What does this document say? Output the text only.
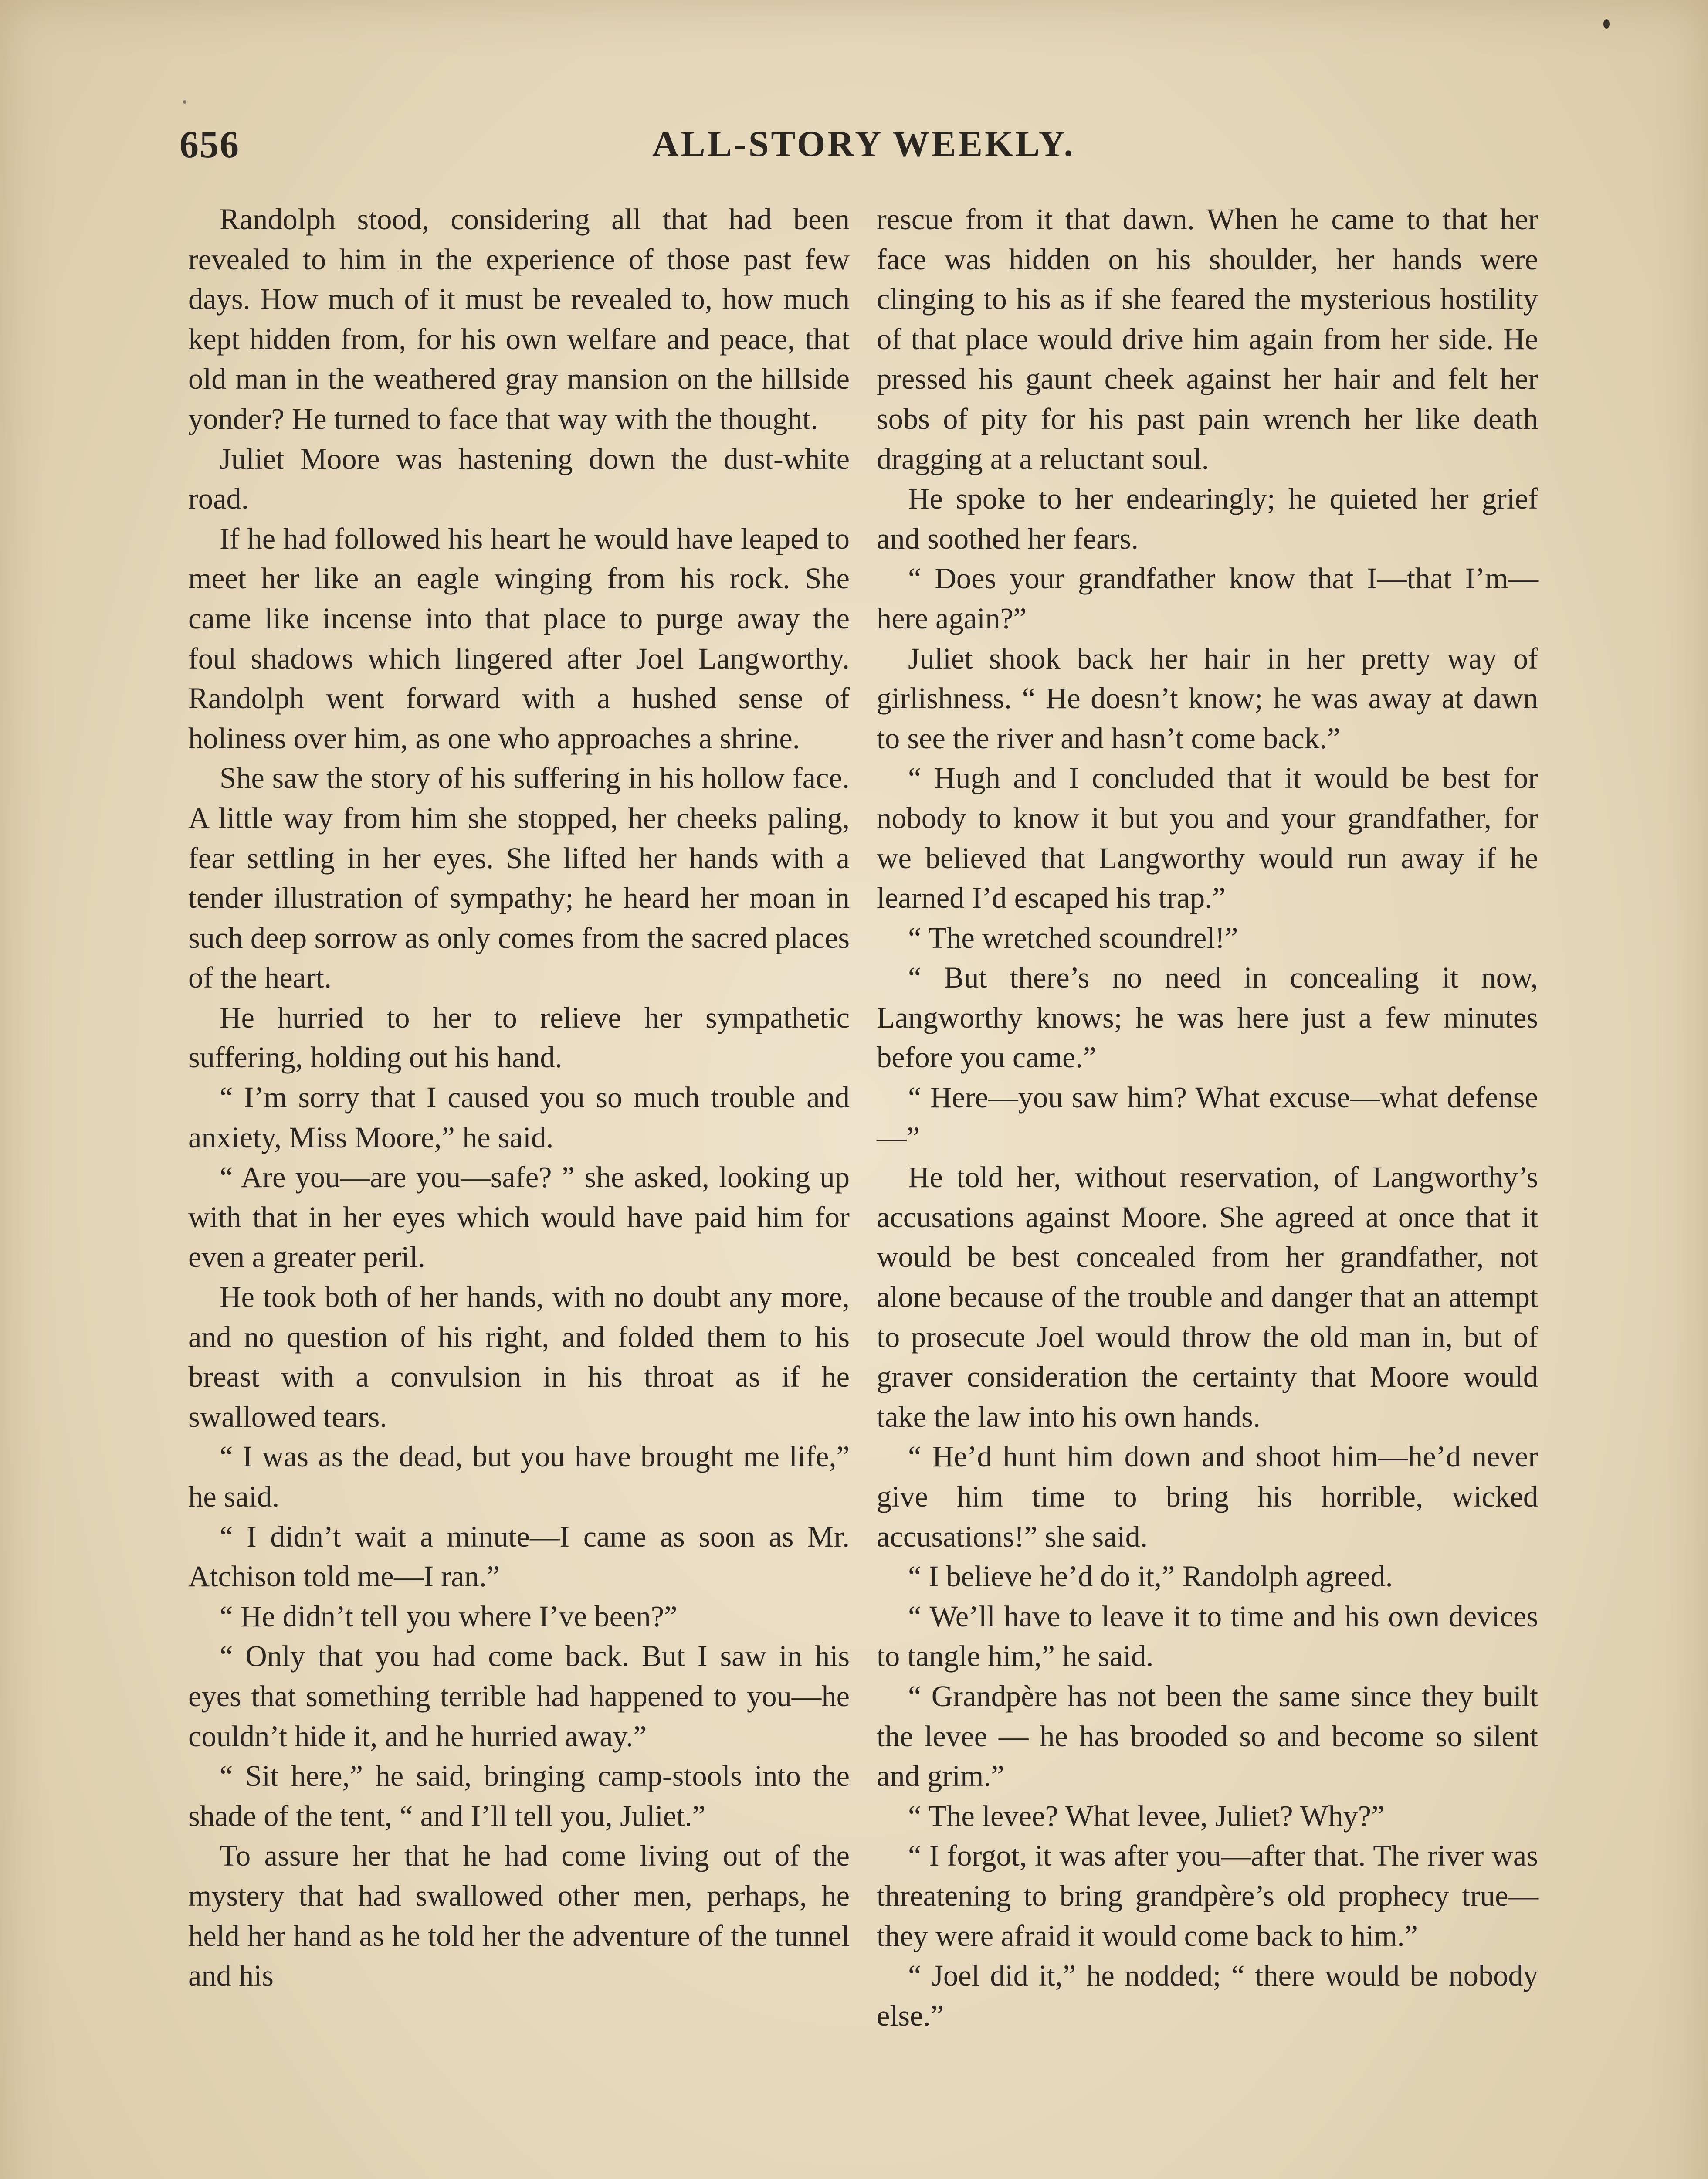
656	ALL-STORY WEEKLY.

Randolph stood, considering all that had been revealed to him in the experience of those past few days. How much of it must be revealed to, how much kept hidden from, for his own welfare and peace, that old man in the weathered gray mansion on the hillside yonder? He turned to face that way with the thought.

Juliet Moore was hastening down the dust-white road.

If he had followed his heart he would have leaped to meet her like an eagle winging from his rock. She came like incense into that place to purge away the foul shadows which lingered after Joel Langworthy. Randolph went forward with a hushed sense of holiness over him, as one who approaches a shrine.

She saw the story of his suffering in his hollow face. A little way from him she stopped, her cheeks paling, fear settling in her eyes. She lifted her hands with a tender illustration of sympathy; he heard her moan in such deep sorrow as only comes from the sacred places of the heart.

He hurried to her to relieve her sympathetic suffering, holding out his hand.

“ I’m sorry that I caused you so much trouble and anxiety, Miss Moore,” he said.

“ Are you—are you—safe? ” she asked, looking up with that in her eyes which would have paid him for even a greater peril.

He took both of her hands, with no doubt any more, and no question of his right, and folded them to his breast with a convulsion in his throat as if he swallowed tears.

“ I was as the dead, but you have brought me life,” he said.

“ I didn’t wait a minute—I came as soon as Mr. Atchison told me—I ran.”

“ He didn’t tell you where I’ve been?”

“ Only that you had come back. But I saw in his eyes that something terrible had happened to you—he couldn’t hide it, and he hurried away.”

“ Sit here,” he said, bringing camp-stools into the shade of the tent, “ and I’ll tell you, Juliet.”

To assure her that he had come living out of the mystery that had swallowed other men, perhaps, he held her hand as he told her the adventure of the tunnel and his

rescue from it that dawn. When he came to that her face was hidden on his shoulder, her hands were clinging to his as if she feared the mysterious hostility of that place would drive him again from her side. He pressed his gaunt cheek against her hair and felt her sobs of pity for his past pain wrench her like death dragging at a reluctant soul.

He spoke to her endearingly; he quieted her grief and soothed her fears.

“ Does your grandfather know that I—that I’m—here again?”

Juliet shook back her hair in her pretty way of girlishness. “ He doesn’t know; he was away at dawn to see the river and hasn’t come back.”

“ Hugh and I concluded that it would be best for nobody to know it but you and your grandfather, for we believed that Langworthy would run away if he learned I’d escaped his trap.”

“ The wretched scoundrel!”

“ But there’s no need in concealing it now, Langworthy knows; he was here just a few minutes before you came.”

“ Here—you saw him? What excuse—what defense—”

He told her, without reservation, of Langworthy’s accusations against Moore. She agreed at once that it would be best concealed from her grandfather, not alone because of the trouble and danger that an attempt to prosecute Joel would throw the old man in, but of graver consideration the certainty that Moore would take the law into his own hands.

“ He’d hunt him down and shoot him—he’d never give him time to bring his horrible, wicked accusations!” she said.

“ I believe he’d do it,” Randolph agreed.

“ We’ll have to leave it to time and his own devices to tangle him,” he said.

“ Grandpère has not been the same since they built the levee — he has brooded so and become so silent and grim.”

“ The levee? What levee, Juliet? Why?”

“ I forgot, it was after you—after that. The river was threatening to bring grandpère’s old prophecy true—they were afraid it would come back to him.”

“ Joel did it,” he nodded; “ there would be nobody else.”
